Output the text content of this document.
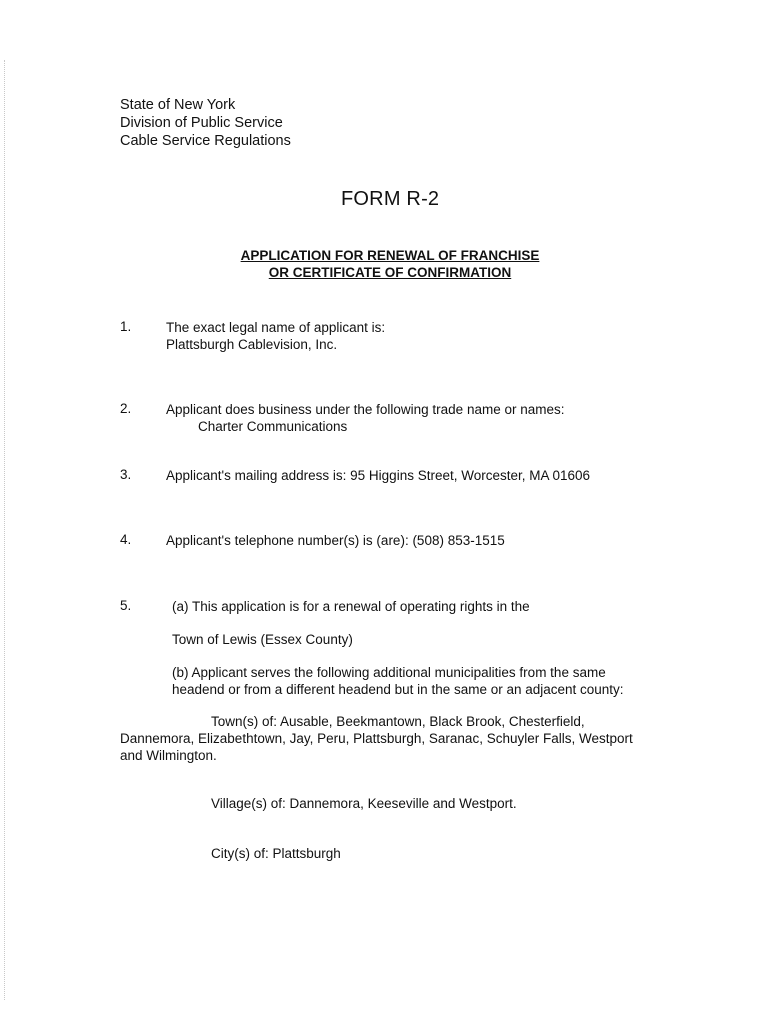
State of New York
Division of Public Service
Cable Service Regulations
FORM R-2
APPLICATION FOR RENEWAL OF FRANCHISE
OR CERTIFICATE OF CONFIRMATION
1.	The exact legal name of applicant is:
Plattsburgh Cablevision, Inc.
2.	Applicant does business under the following trade name or names:
Charter Communications
3.	Applicant's mailing address is: 95 Higgins Street, Worcester, MA 01606
4.	Applicant's telephone number(s) is (are): (508) 853-1515
5.	(a) This application is for a renewal of operating rights in the
Town of Lewis (Essex County)
(b) Applicant serves the following additional municipalities from the same
headend or from a different headend but in the same or an adjacent county:
Town(s) of: Ausable, Beekmantown, Black Brook, Chesterfield,
Dannemora, Elizabethtown, Jay, Peru, Plattsburgh, Saranac, Schuyler Falls, Westport
and Wilmington.
Village(s) of: Dannemora, Keeseville and Westport.
City(s) of: Plattsburgh
